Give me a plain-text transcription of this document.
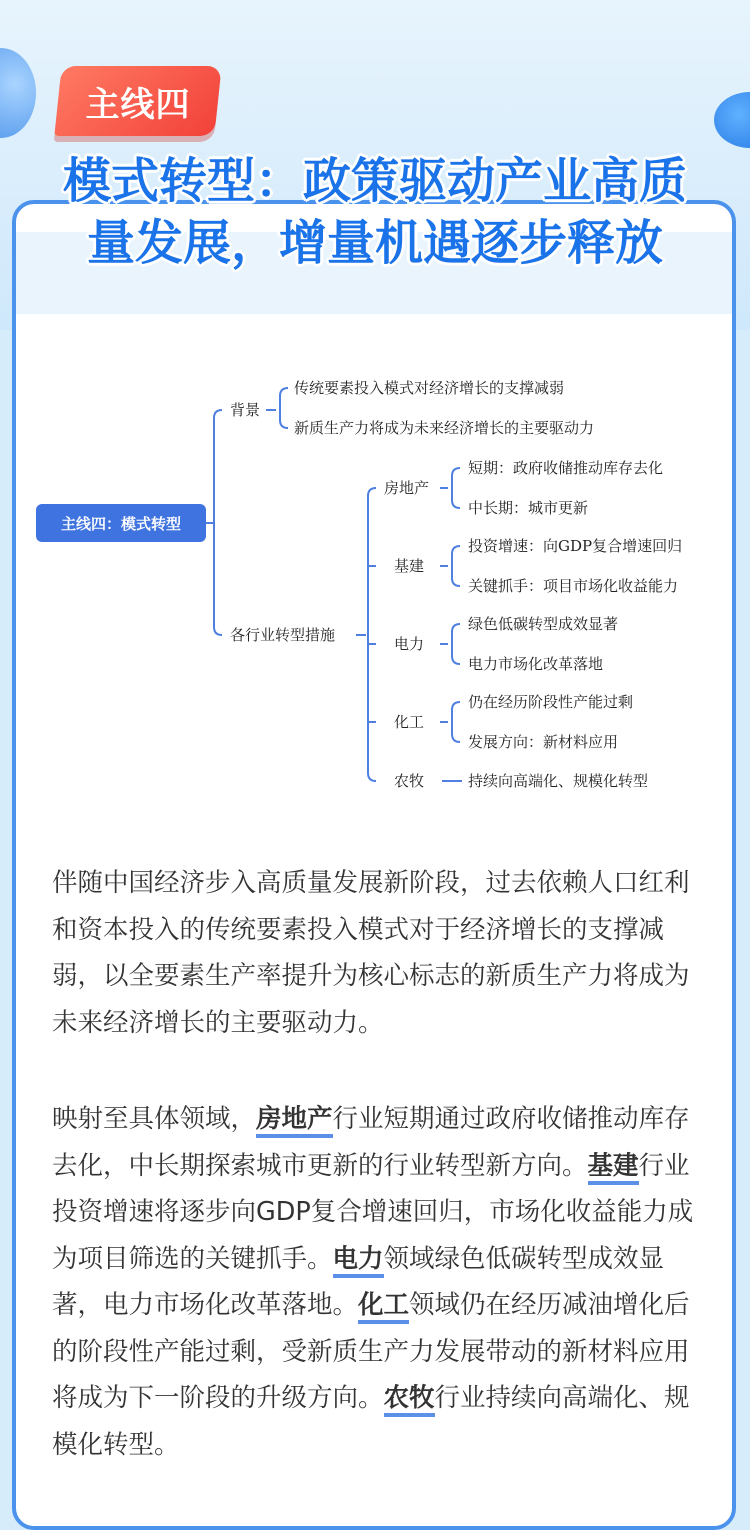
主线四
模式转型：政策驱动产业高质
量发展，增量机遇逐步释放
主线四：模式转型
背景
传统要素投入模式对经济增长的支撑减弱
新质生产力将成为未来经济增长的主要驱动力
各行业转型措施
房地产
短期：政府收储推动库存去化
中长期：城市更新
基建
投资增速：向GDP复合增速回归
关键抓手：项目市场化收益能力
电力
绿色低碳转型成效显著
电力市场化改革落地
化工
仍在经历阶段性产能过剩
发展方向：新材料应用
农牧	持续向高端化、规模化转型

伴随中国经济步入高质量发展新阶段，过去依赖人口红利和资本投入的传统要素投入模式对于经济增长的支撑减弱，以全要素生产率提升为核心标志的新质生产力将成为未来经济增长的主要驱动力。

映射至具体领域，房地产行业短期通过政府收储推动库存去化，中长期探索城市更新的行业转型新方向。基建行业投资增速将逐步向GDP复合增速回归，市场化收益能力成为项目筛选的关键抓手。电力领域绿色低碳转型成效显著，电力市场化改革落地。化工领域仍在经历减油增化后的阶段性产能过剩，受新质生产力发展带动的新材料应用将成为下一阶段的升级方向。农牧行业持续向高端化、规模化转型。
